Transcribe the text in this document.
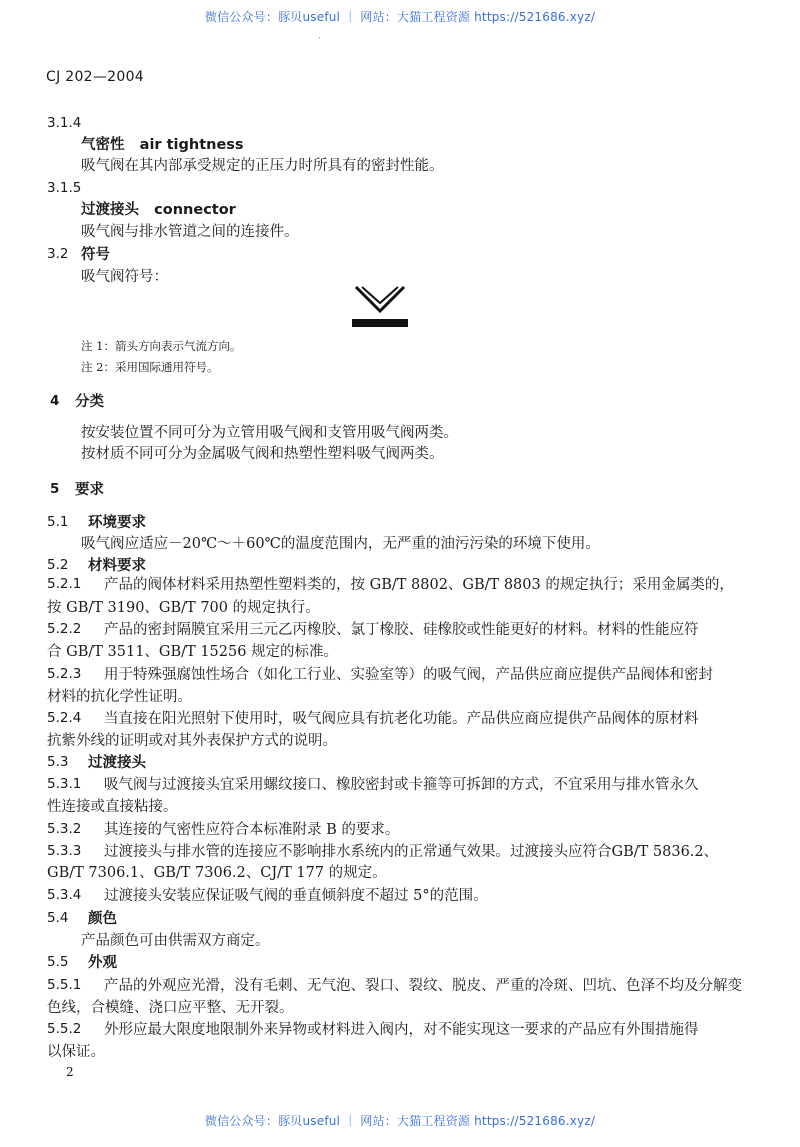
微信公众号：豚贝useful ｜ 网站：大猫工程资源 https://521686.xyz/
·
CJ 202—2004
3.1.4
气密性 air tightness
吸气阀在其内部承受规定的正压力时所具有的密封性能。
3.1.5
过渡接头 connector
吸气阀与排水管道之间的连接件。
3.2 符号
吸气阀符号：
注 1：箭头方向表示气流方向。
注 2：采用国际通用符号。
4 分类
按安装位置不同可分为立管用吸气阀和支管用吸气阀两类。
按材质不同可分为金属吸气阀和热塑性塑料吸气阀两类。
5 要求
5.1 环境要求
吸气阀应适应－20℃～＋60℃的温度范围内，无严重的油污污染的环境下使用。
5.2 材料要求
5.2.1 产品的阀体材料采用热塑性塑料类的，按 GB/T 8802、GB/T 8803 的规定执行；采用金属类的，
按 GB/T 3190、GB/T 700 的规定执行。
5.2.2 产品的密封隔膜宜采用三元乙丙橡胶、氯丁橡胶、硅橡胶或性能更好的材料。材料的性能应符
合 GB/T 3511、GB/T 15256 规定的标准。
5.2.3 用于特殊强腐蚀性场合（如化工行业、实验室等）的吸气阀，产品供应商应提供产品阀体和密封
材料的抗化学性证明。
5.2.4 当直接在阳光照射下使用时，吸气阀应具有抗老化功能。产品供应商应提供产品阀体的原材料
抗紫外线的证明或对其外表保护方式的说明。
5.3 过渡接头
5.3.1 吸气阀与过渡接头宜采用螺纹接口、橡胶密封或卡箍等可拆卸的方式，不宜采用与排水管永久
性连接或直接粘接。
5.3.2 其连接的气密性应符合本标准附录 B 的要求。
5.3.3 过渡接头与排水管的连接应不影响排水系统内的正常通气效果。过渡接头应符合GB/T 5836.2、
GB/T 7306.1、GB/T 7306.2、CJ/T 177 的规定。
5.3.4 过渡接头安装应保证吸气阀的垂直倾斜度不超过 5°的范围。
5.4 颜色
产品颜色可由供需双方商定。
5.5 外观
5.5.1 产品的外观应光滑，没有毛刺、无气泡、裂口、裂纹、脱皮、严重的冷斑、凹坑、色泽不均及分解变
色线，合模缝、浇口应平整、无开裂。
5.5.2 外形应最大限度地限制外来异物或材料进入阀内，对不能实现这一要求的产品应有外围措施得
以保证。
2
微信公众号：豚贝useful ｜ 网站：大猫工程资源 https://521686.xyz/
